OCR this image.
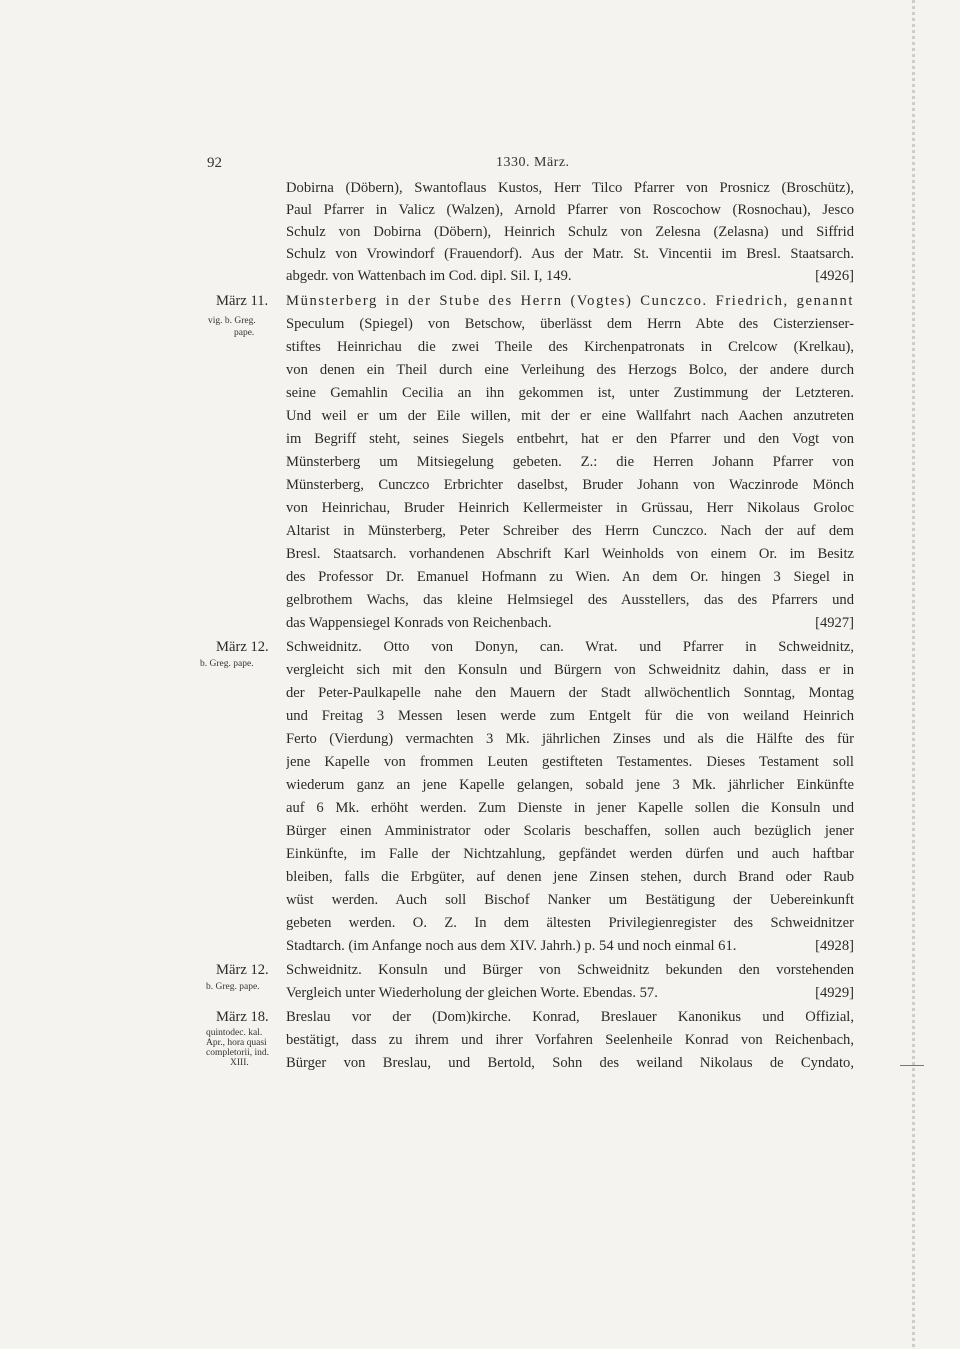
92	1330. März.
Dobirna (Döbern), Swantoflaus Kustos, Herr Tilco Pfarrer von Prosnicz (Broschütz),
Paul Pfarrer in Valicz (Walzen), Arnold Pfarrer von Roscochow (Rosnochau), Jesco
Schulz von Dobirna (Döbern), Heinrich Schulz von Zelesna (Zelasna) und Siffrid
Schulz von Vrowindorf (Frauendorf). Aus der Matr. St. Vincentii im Bresl. Staatsarch.
abgedr. von Wattenbach im Cod. dipl. Sil. I, 149.	[4926]
März 11.
vig. b. Greg.
pape.
Münsterberg in der Stube des Herrn (Vogtes) Cunczco. Friedrich, genannt
Speculum (Spiegel) von Betschow, überlässt dem Herrn Abte des Cisterzienser-
stiftes Heinrichau die zwei Theile des Kirchenpatronats in Crelcow (Krelkau),
von denen ein Theil durch eine Verleihung des Herzogs Bolco, der andere durch
seine Gemahlin Cecilia an ihn gekommen ist, unter Zustimmung der Letzteren.
Und weil er um der Eile willen, mit der er eine Wallfahrt nach Aachen anzutreten
im Begriff steht, seines Siegels entbehrt, hat er den Pfarrer und den Vogt von
Münsterberg um Mitsiegelung gebeten. Z.: die Herren Johann Pfarrer von
Münsterberg, Cunczco Erbrichter daselbst, Bruder Johann von Waczinrode Mönch
von Heinrichau, Bruder Heinrich Kellermeister in Grüssau, Herr Nikolaus Groloc
Altarist in Münsterberg, Peter Schreiber des Herrn Cunczco. Nach der auf dem
Bresl. Staatsarch. vorhandenen Abschrift Karl Weinholds von einem Or. im Besitz
des Professor Dr. Emanuel Hofmann zu Wien. An dem Or. hingen 3 Siegel in
gelbrothem Wachs, das kleine Helmsiegel des Ausstellers, das des Pfarrers und
das Wappensiegel Konrads von Reichenbach.	[4927]
März 12.
b. Greg. pape.
Schweidnitz. Otto von Donyn, can. Wrat. und Pfarrer in Schweidnitz,
vergleicht sich mit den Konsuln und Bürgern von Schweidnitz dahin, dass er in
der Peter-Paulkapelle nahe den Mauern der Stadt allwöchentlich Sonntag, Montag
und Freitag 3 Messen lesen werde zum Entgelt für die von weiland Heinrich
Ferto (Vierdung) vermachten 3 Mk. jährlichen Zinses und als die Hälfte des für
jene Kapelle von frommen Leuten gestifteten Testamentes. Dieses Testament soll
wiederum ganz an jene Kapelle gelangen, sobald jene 3 Mk. jährlicher Einkünfte
auf 6 Mk. erhöht werden. Zum Dienste in jener Kapelle sollen die Konsuln und
Bürger einen Amministrator oder Scolaris beschaffen, sollen auch bezüglich jener
Einkünfte, im Falle der Nichtzahlung, gepfändet werden dürfen und auch haftbar
bleiben, falls die Erbgüter, auf denen jene Zinsen stehen, durch Brand oder Raub
wüst werden. Auch soll Bischof Nanker um Bestätigung der Uebereinkunft
gebeten werden. O. Z. In dem ältesten Privilegienregister des Schweidnitzer
Stadtarch. (im Anfange noch aus dem XIV. Jahrh.) p. 54 und noch einmal 61.	[4928]
März 12.
b. Greg. pape.
Schweidnitz. Konsuln und Bürger von Schweidnitz bekunden den vorstehenden
Vergleich unter Wiederholung der gleichen Worte. Ebendas. 57.	[4929]
März 18.
quintodec. kal.
Apr., hora quasi
completorii, ind.
XIII.
Breslau vor der (Dom)kirche. Konrad, Breslauer Kanonikus und Offizial,
bestätigt, dass zu ihrem und ihrer Vorfahren Seelenheile Konrad von Reichenbach,
Bürger von Breslau, und Bertold, Sohn des weiland Nikolaus de Cyndato,
